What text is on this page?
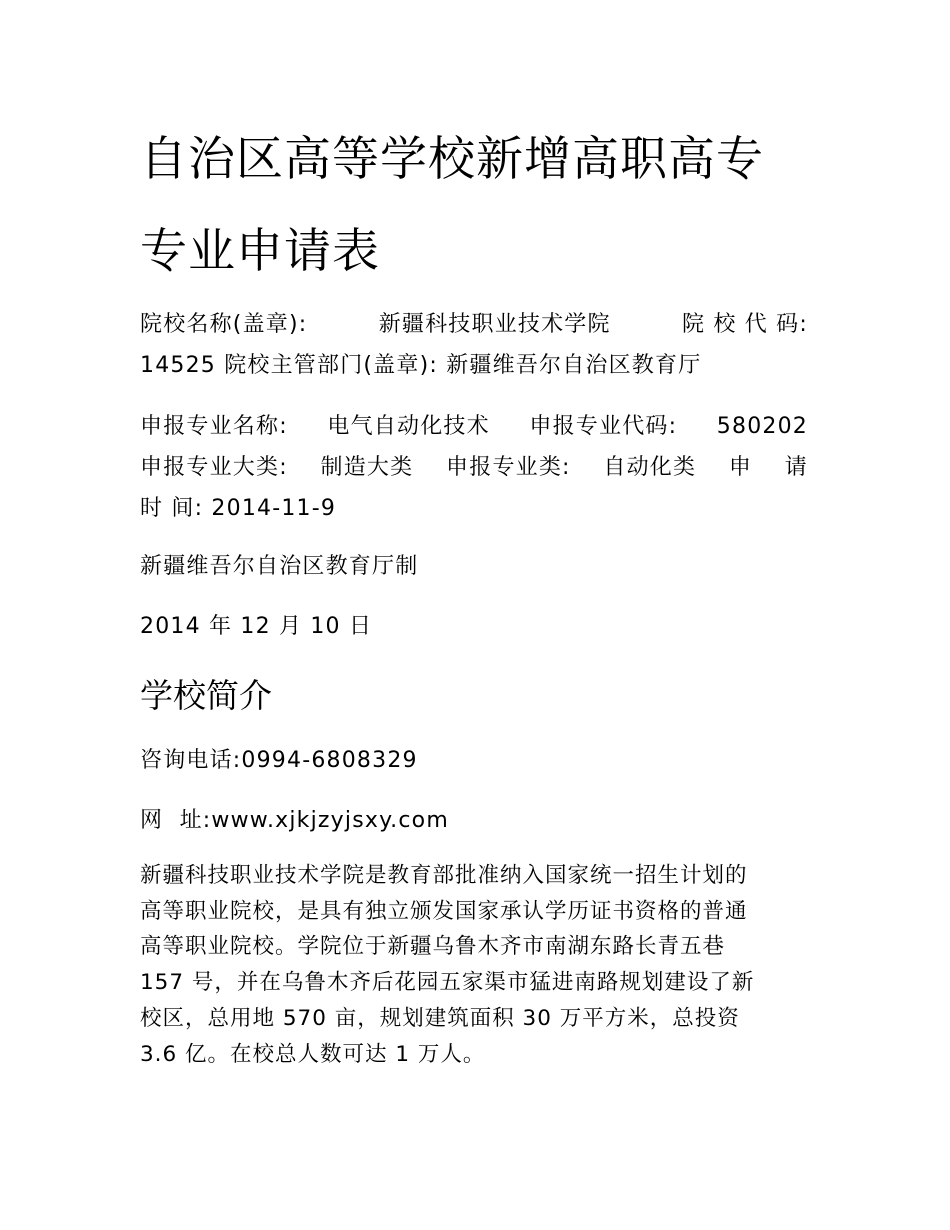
自治区高等学校新增高职高专
专业申请表
院校名称(盖章):	新疆科技职业技术学院	院 校 代 码:
14525 院校主管部门(盖章): 新疆维吾尔自治区教育厅
申报专业名称: 电气自动化技术 申报专业代码: 580202
申报专业大类: 制造大类 申报专业类: 自动化类 申 请
时 间: 2014-11-9
新疆维吾尔自治区教育厅制
2014 年 12 月 10 日
学校简介
咨询电话:0994-6808329
网  址:www.xjkjzyjsxy.com
新疆科技职业技术学院是教育部批准纳入国家统一招生计划的
高等职业院校，是具有独立颁发国家承认学历证书资格的普通
高等职业院校。学院位于新疆乌鲁木齐市南湖东路长青五巷
157 号，并在乌鲁木齐后花园五家渠市猛进南路规划建设了新
校区，总用地 570 亩，规划建筑面积 30 万平方米，总投资
3.6 亿。在校总人数可达 1 万人。
